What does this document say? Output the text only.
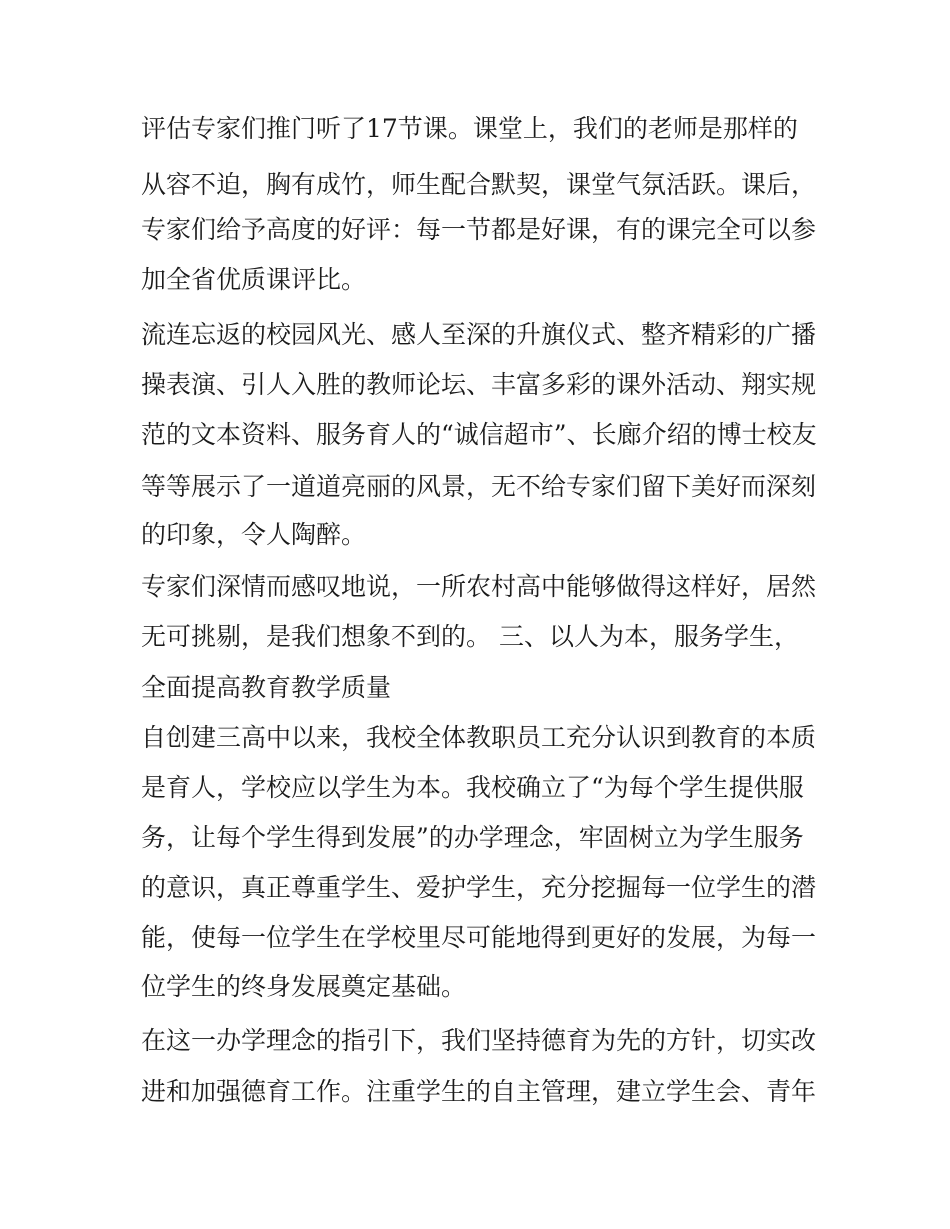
评估专家们推门听了17节课。课堂上，我们的老师是那样的
从容不迫，胸有成竹，师生配合默契，课堂气氛活跃。课后，
专家们给予高度的好评：每一节都是好课，有的课完全可以参
加全省优质课评比。
流连忘返的校园风光、感人至深的升旗仪式、整齐精彩的广播
操表演、引人入胜的教师论坛、丰富多彩的课外活动、翔实规
范的文本资料、服务育人的“诚信超市”、长廊介绍的博士校友
等等展示了一道道亮丽的风景，无不给专家们留下美好而深刻
的印象，令人陶醉。
专家们深情而感叹地说，一所农村高中能够做得这样好，居然
无可挑剔，是我们想象不到的。 三、以人为本，服务学生，
全面提高教育教学质量
自创建三高中以来，我校全体教职员工充分认识到教育的本质
是育人，学校应以学生为本。我校确立了“为每个学生提供服
务，让每个学生得到发展”的办学理念，牢固树立为学生服务
的意识，真正尊重学生、爱护学生，充分挖掘每一位学生的潜
能，使每一位学生在学校里尽可能地得到更好的发展，为每一
位学生的终身发展奠定基础。
在这一办学理念的指引下，我们坚持德育为先的方针，切实改
进和加强德育工作。注重学生的自主管理，建立学生会、青年
